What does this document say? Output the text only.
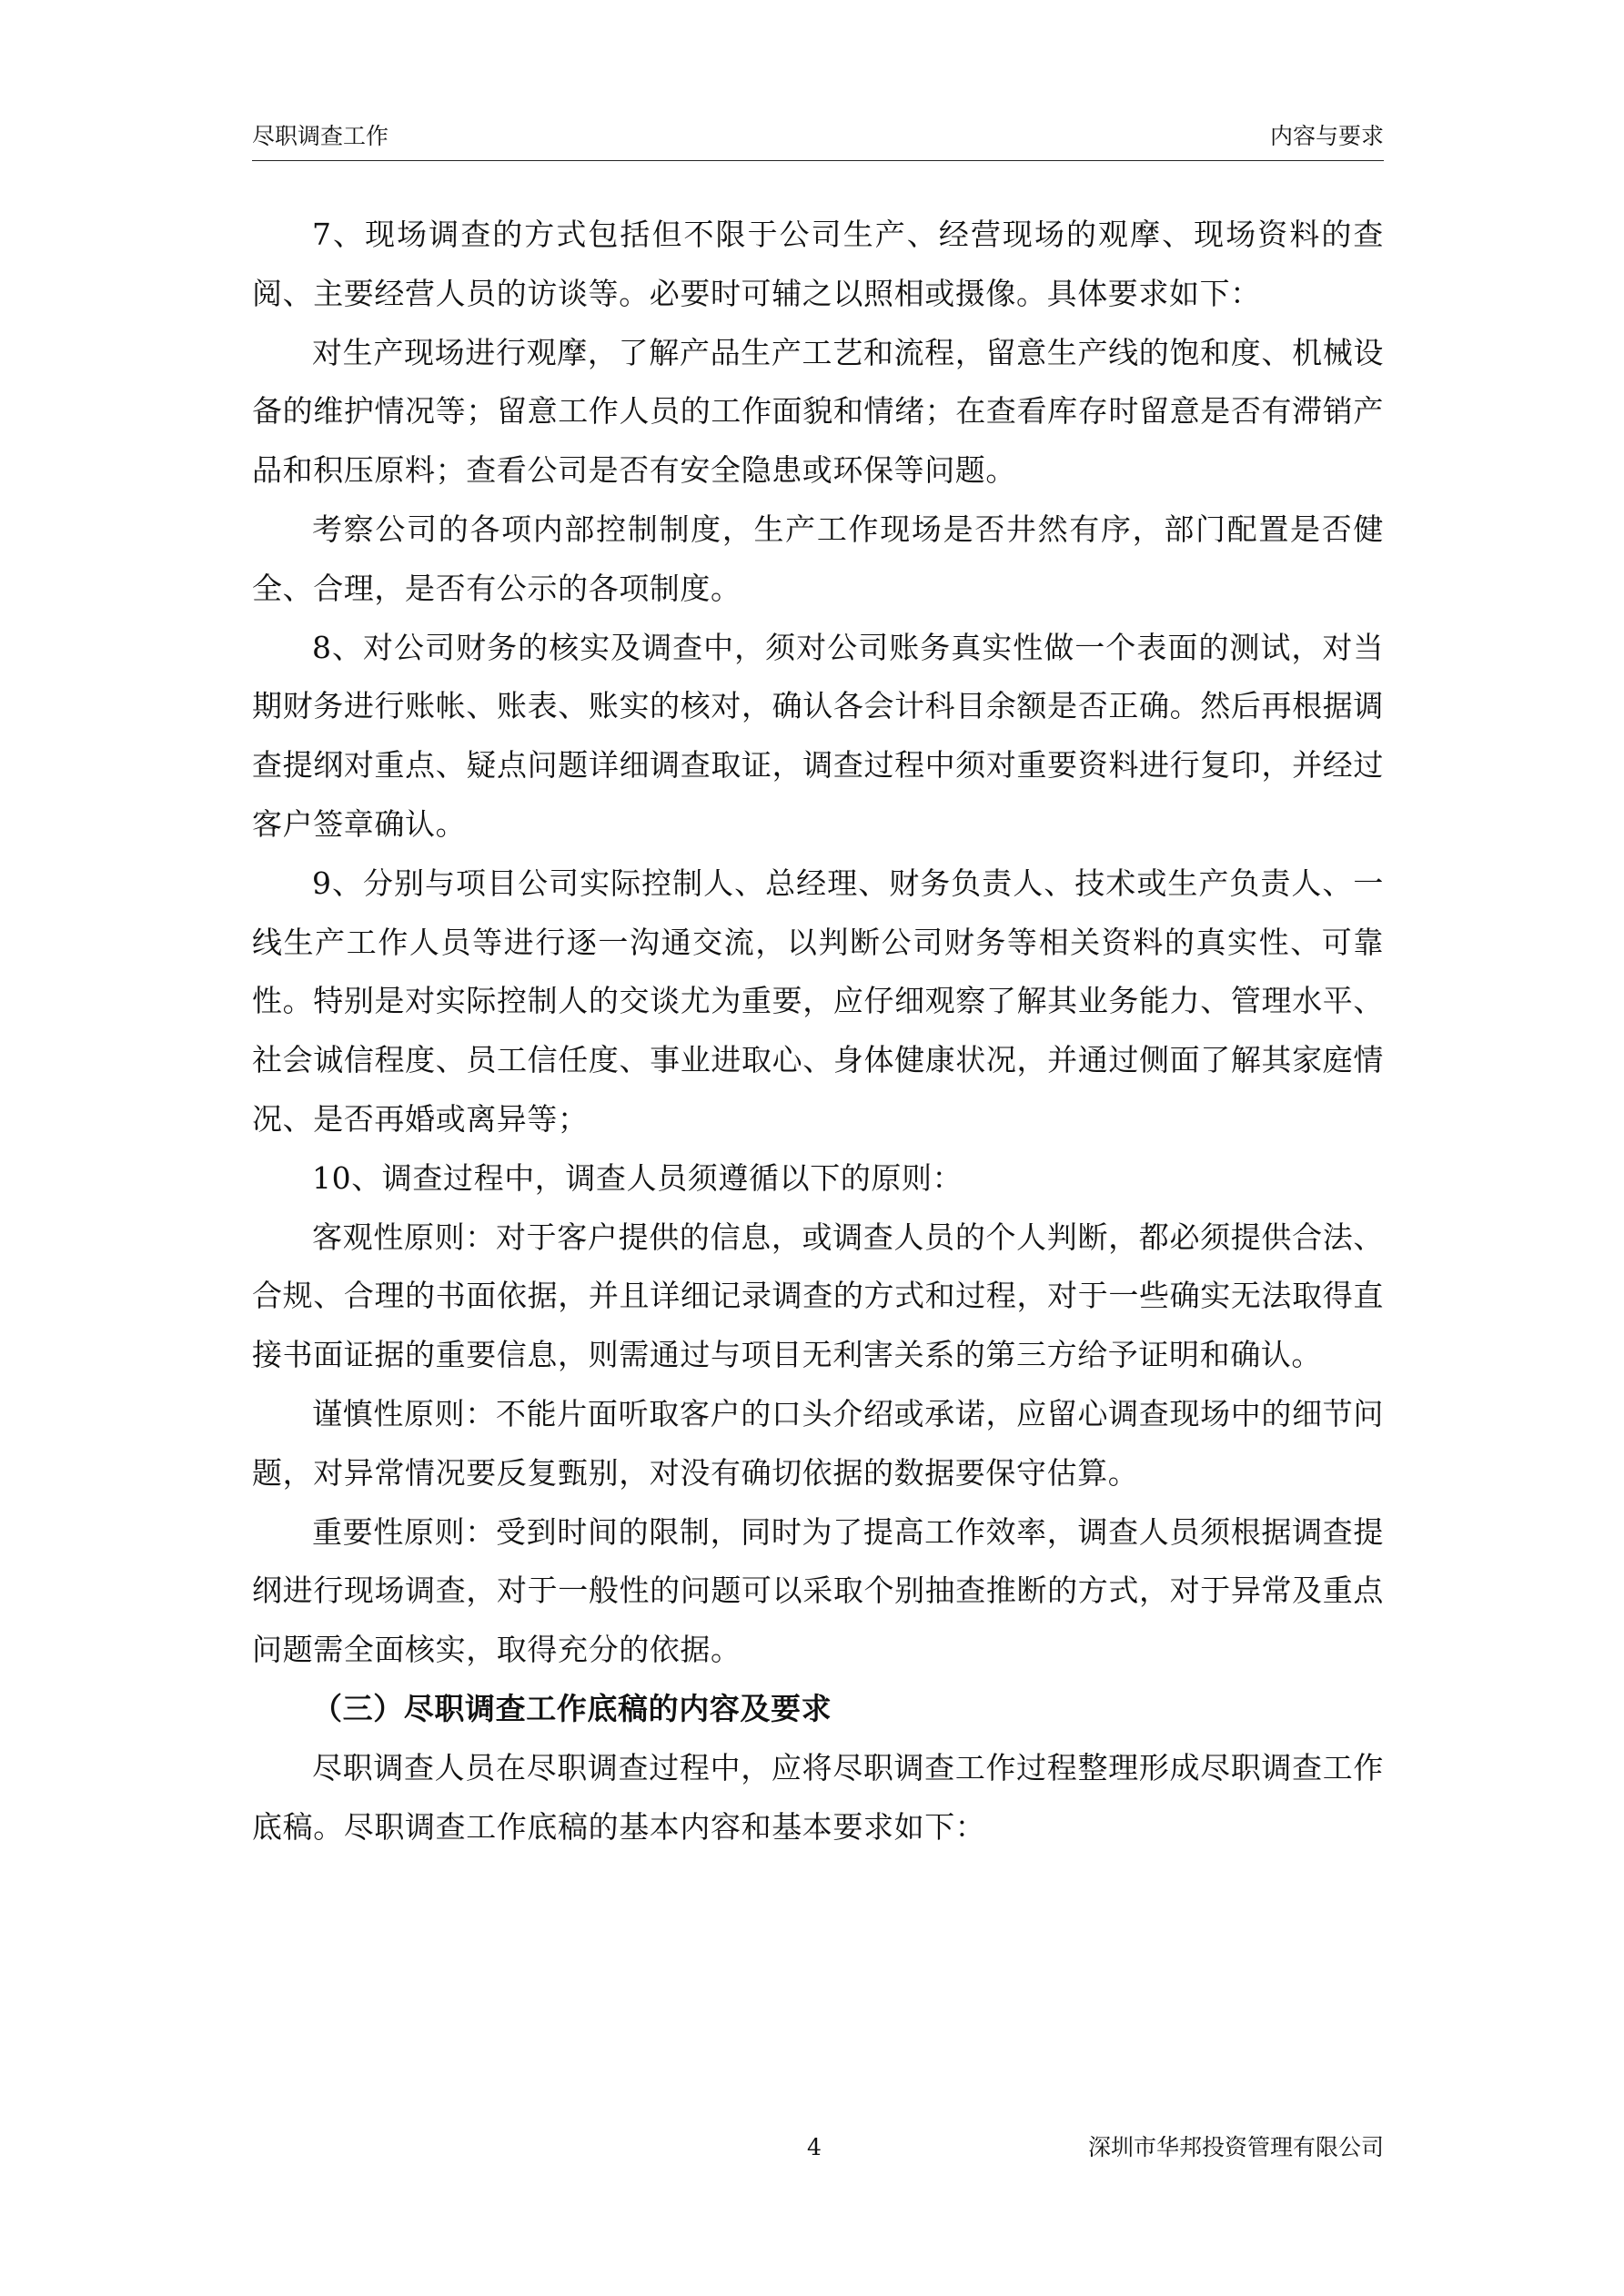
尽职调查工作	内容与要求

7、现场调查的方式包括但不限于公司生产、经营现场的观摩、现场资料的查阅、主要经营人员的访谈等。必要时可辅之以照相或摄像。具体要求如下：

对生产现场进行观摩，了解产品生产工艺和流程，留意生产线的饱和度、机械设备的维护情况等；留意工作人员的工作面貌和情绪；在查看库存时留意是否有滞销产品和积压原料；查看公司是否有安全隐患或环保等问题。

考察公司的各项内部控制制度，生产工作现场是否井然有序，部门配置是否健全、合理，是否有公示的各项制度。

8、对公司财务的核实及调查中，须对公司账务真实性做一个表面的测试，对当期财务进行账帐、账表、账实的核对，确认各会计科目余额是否正确。然后再根据调查提纲对重点、疑点问题详细调查取证，调查过程中须对重要资料进行复印，并经过客户签章确认。

9、分别与项目公司实际控制人、总经理、财务负责人、技术或生产负责人、一线生产工作人员等进行逐一沟通交流，以判断公司财务等相关资料的真实性、可靠性。特别是对实际控制人的交谈尤为重要，应仔细观察了解其业务能力、管理水平、社会诚信程度、员工信任度、事业进取心、身体健康状况，并通过侧面了解其家庭情况、是否再婚或离异等；

10、调查过程中，调查人员须遵循以下的原则：

客观性原则：对于客户提供的信息，或调查人员的个人判断，都必须提供合法、合规、合理的书面依据，并且详细记录调查的方式和过程，对于一些确实无法取得直接书面证据的重要信息，则需通过与项目无利害关系的第三方给予证明和确认。

谨慎性原则：不能片面听取客户的口头介绍或承诺，应留心调查现场中的细节问题，对异常情况要反复甄别，对没有确切依据的数据要保守估算。

重要性原则：受到时间的限制，同时为了提高工作效率，调查人员须根据调查提纲进行现场调查，对于一般性的问题可以采取个别抽查推断的方式，对于异常及重点问题需全面核实，取得充分的依据。

（三）尽职调查工作底稿的内容及要求

尽职调查人员在尽职调查过程中，应将尽职调查工作过程整理形成尽职调查工作底稿。尽职调查工作底稿的基本内容和基本要求如下：

4	深圳市华邦投资管理有限公司
